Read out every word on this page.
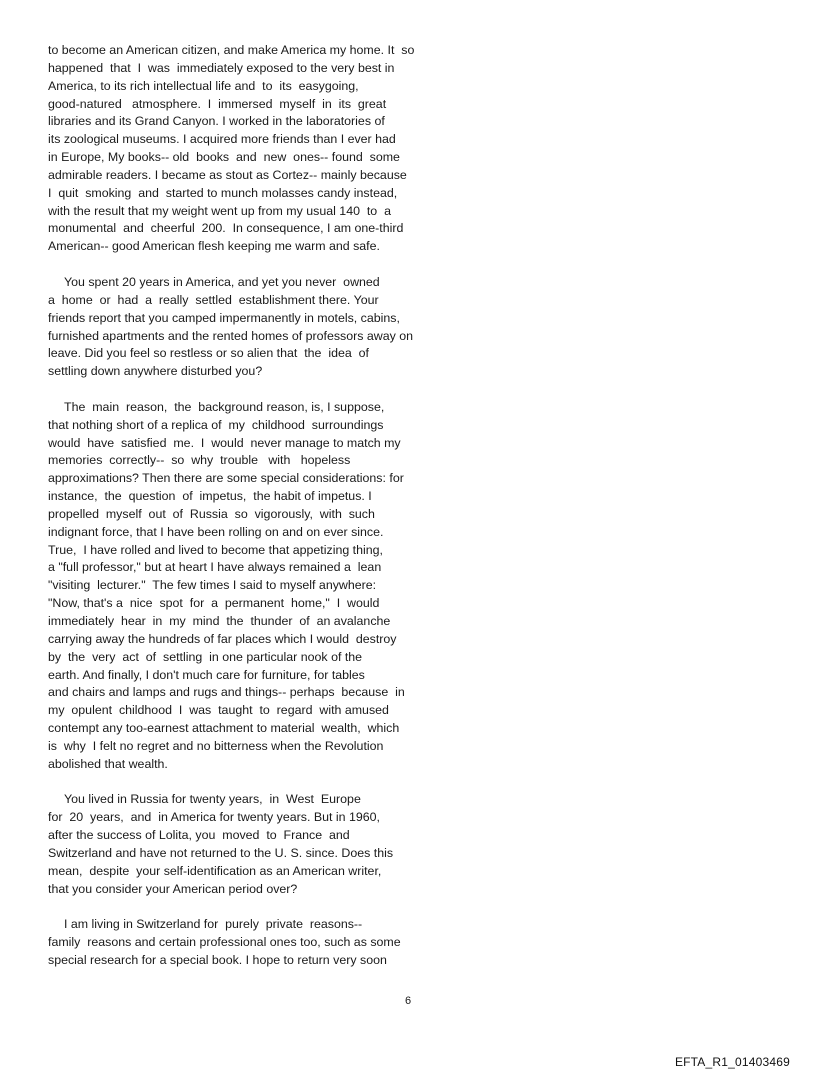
to become an American citizen, and make America my home. It  so
happened  that  I  was  immediately exposed to the very best in
America, to its rich intellectual life and  to  its  easygoing,
good-natured   atmosphere.  I  immersed  myself  in  its  great
libraries and its Grand Canyon. I worked in the laboratories of
its zoological museums. I acquired more friends than I ever had
in Europe, My books-- old  books  and  new  ones-- found  some
admirable readers. I became as stout as Cortez-- mainly because
I  quit  smoking  and  started to munch molasses candy instead,
with the result that my weight went up from my usual 140  to  a
monumental  and  cheerful  200.  In consequence, I am one-third
American-- good American flesh keeping me warm and safe.
You spent 20 years in America, and yet you never  owned
a  home  or  had  a  really  settled  establishment there. Your
friends report that you camped impermanently in motels, cabins,
furnished apartments and the rented homes of professors away on
leave. Did you feel so restless or so alien that  the  idea  of
settling down anywhere disturbed you?
The  main  reason,  the  background reason, is, I suppose,
that nothing short of a replica of  my  childhood  surroundings
would  have  satisfied  me.  I  would  never manage to match my
memories  correctly--  so  why  trouble   with   hopeless
approximations? Then there are some special considerations: for
instance,  the  question  of  impetus,  the habit of impetus. I
propelled  myself  out  of  Russia  so  vigorously,  with  such
indignant force, that I have been rolling on and on ever since.
True,  I have rolled and lived to become that appetizing thing,
a "full professor," but at heart I have always remained a  lean
"visiting  lecturer."  The few times I said to myself anywhere:
"Now, that's a  nice  spot  for  a  permanent  home,"  I  would
immediately  hear  in  my  mind  the  thunder  of  an avalanche
carrying away the hundreds of far places which I would  destroy
by  the  very  act  of  settling  in one particular nook of the
earth. And finally, I don't much care for furniture, for tables
and chairs and lamps and rugs and things-- perhaps  because  in
my  opulent  childhood  I  was  taught  to  regard  with amused
contempt any too-earnest attachment to material  wealth,  which
is  why  I felt no regret and no bitterness when the Revolution
abolished that wealth.
You lived in Russia for twenty years,  in  West  Europe
for  20  years,  and  in America for twenty years. But in 1960,
after the success of Lolita, you  moved  to  France  and
Switzerland and have not returned to the U. S. since. Does this
mean,  despite  your self-identification as an American writer,
that you consider your American period over?
I am living in Switzerland for  purely  private  reasons--
family  reasons and certain professional ones too, such as some
special research for a special book. I hope to return very soon
6
EFTA_R1_01403469
